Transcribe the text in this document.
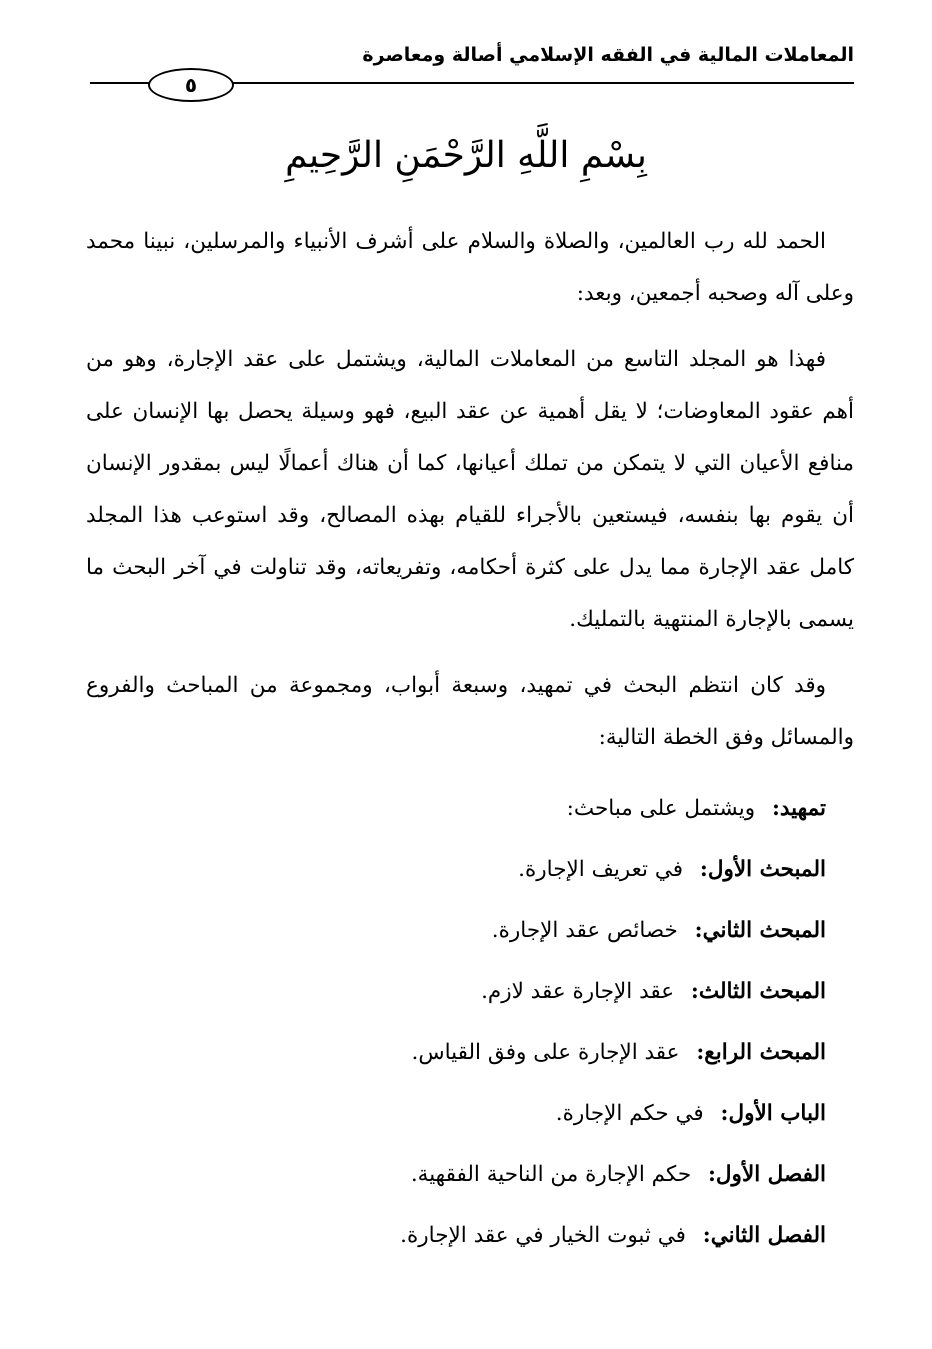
المعاملات المالية في الفقه الإسلامي أصالة ومعاصرة
٥
بِسْمِ اللَّهِ الرَّحْمَنِ الرَّحِيمِ

الحمد لله رب العالمين، والصلاة والسلام على أشرف الأنبياء والمرسلين، نبينا محمد وعلى آله وصحبه أجمعين، وبعد:

فهذا هو المجلد التاسع من المعاملات المالية، ويشتمل على عقد الإجارة، وهو من أهم عقود المعاوضات؛ لا يقل أهمية عن عقد البيع، فهو وسيلة يحصل بها الإنسان على منافع الأعيان التي لا يتمكن من تملك أعيانها، كما أن هناك أعمالًا ليس بمقدور الإنسان أن يقوم بها بنفسه، فيستعين بالأجراء للقيام بهذه المصالح، وقد استوعب هذا المجلد كامل عقد الإجارة مما يدل على كثرة أحكامه، وتفريعاته، وقد تناولت في آخر البحث ما يسمى بالإجارة المنتهية بالتمليك.

وقد كان انتظم البحث في تمهيد، وسبعة أبواب، ومجموعة من المباحث والفروع والمسائل وفق الخطة التالية:

تمهيد: ويشتمل على مباحث:
المبحث الأول: في تعريف الإجارة.
المبحث الثاني: خصائص عقد الإجارة.
المبحث الثالث: عقد الإجارة عقد لازم.
المبحث الرابع: عقد الإجارة على وفق القياس.
الباب الأول: في حكم الإجارة.
الفصل الأول: حكم الإجارة من الناحية الفقهية.
الفصل الثاني: في ثبوت الخيار في عقد الإجارة.
